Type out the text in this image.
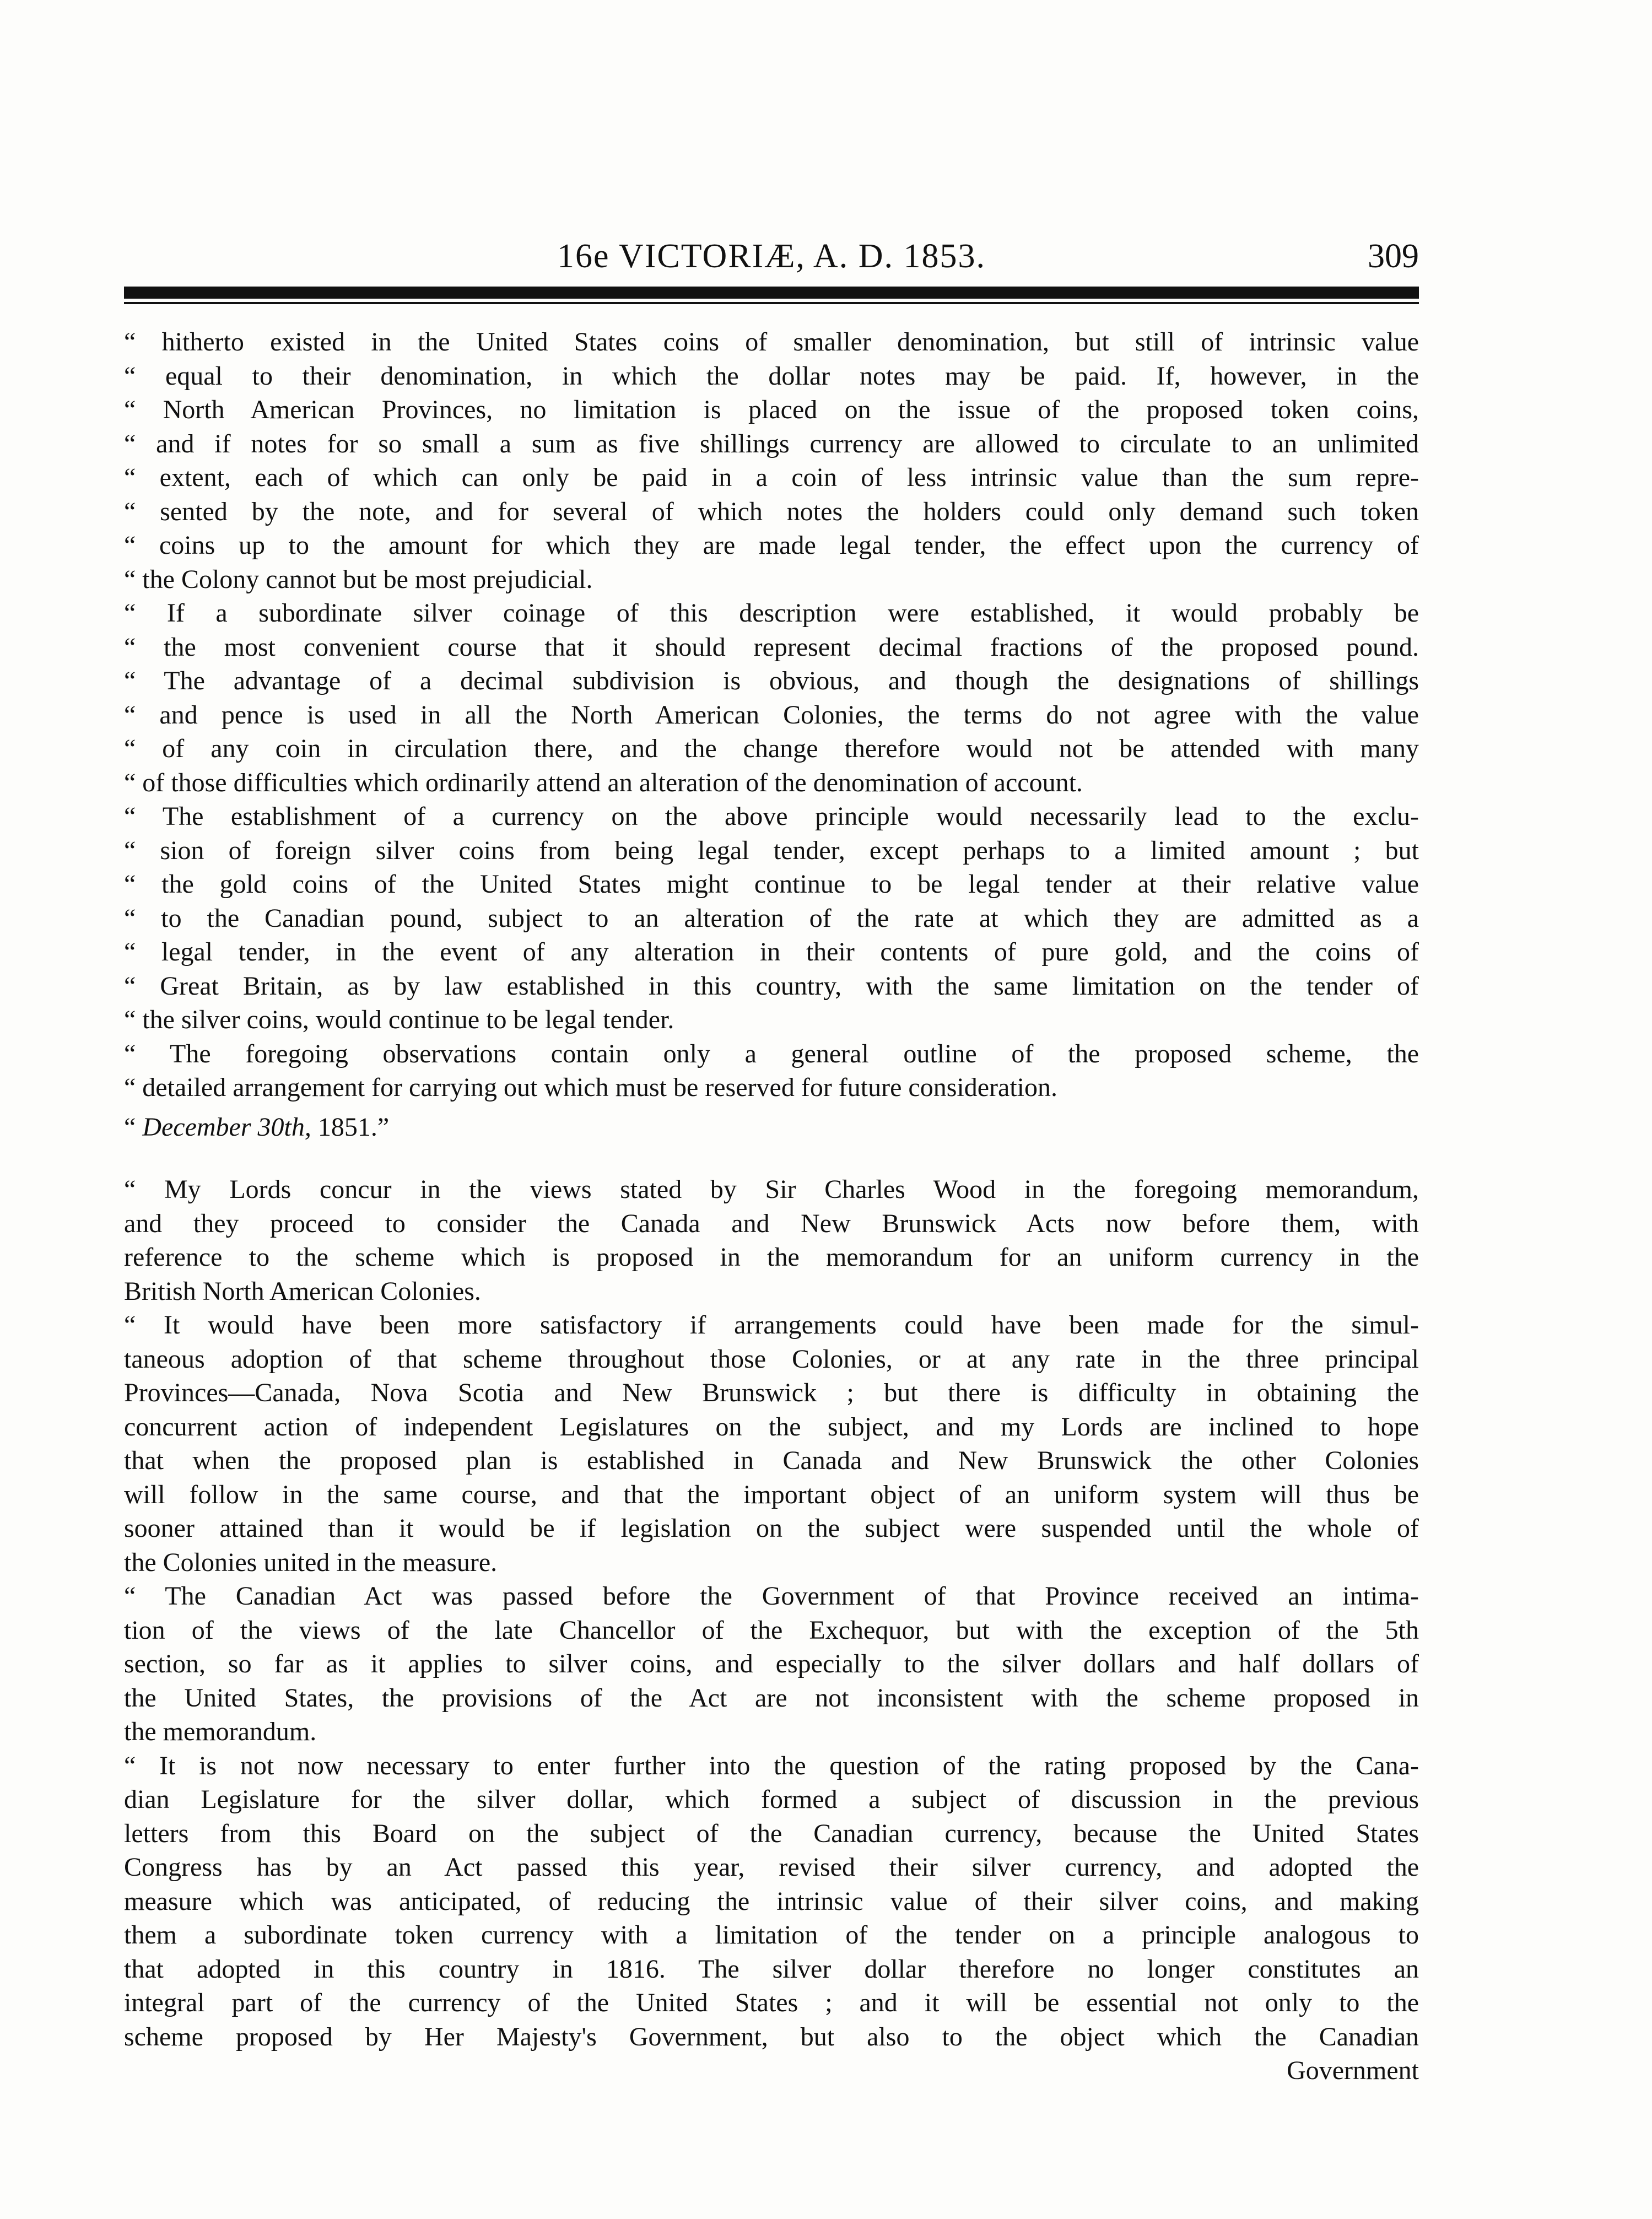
16e VICTORIÆ, A. D. 1853.	309
“ hitherto existed in the United States coins of smaller denomination, but still of intrinsic value
“ equal to their denomination, in which the dollar notes may be paid. If, however, in the
“ North American Provinces, no limitation is placed on the issue of the proposed token coins,
“ and if notes for so small a sum as five shillings currency are allowed to circulate to an unlimited
“ extent, each of which can only be paid in a coin of less intrinsic value than the sum repre-
“ sented by the note, and for several of which notes the holders could only demand such token
“ coins up to the amount for which they are made legal tender, the effect upon the currency of
“ the Colony cannot but be most prejudicial.
“ If a subordinate silver coinage of this description were established, it would probably be
“ the most convenient course that it should represent decimal fractions of the proposed pound.
“ The advantage of a decimal subdivision is obvious, and though the designations of shillings
“ and pence is used in all the North American Colonies, the terms do not agree with the value
“ of any coin in circulation there, and the change therefore would not be attended with many
“ of those difficulties which ordinarily attend an alteration of the denomination of account.
“ The establishment of a currency on the above principle would necessarily lead to the exclu-
“ sion of foreign silver coins from being legal tender, except perhaps to a limited amount ; but
“ the gold coins of the United States might continue to be legal tender at their relative value
“ to the Canadian pound, subject to an alteration of the rate at which they are admitted as a
“ legal tender, in the event of any alteration in their contents of pure gold, and the coins of
“ Great Britain, as by law established in this country, with the same limitation on the tender of
“ the silver coins, would continue to be legal tender.
“ The foregoing observations contain only a general outline of the proposed scheme, the
“ detailed arrangement for carrying out which must be reserved for future consideration.
“ December 30th, 1851.”
“ My Lords concur in the views stated by Sir Charles Wood in the foregoing memorandum,
and they proceed to consider the Canada and New Brunswick Acts now before them, with
reference to the scheme which is proposed in the memorandum for an uniform currency in the
British North American Colonies.
“ It would have been more satisfactory if arrangements could have been made for the simul-
taneous adoption of that scheme throughout those Colonies, or at any rate in the three principal
Provinces—Canada, Nova Scotia and New Brunswick ; but there is difficulty in obtaining the
concurrent action of independent Legislatures on the subject, and my Lords are inclined to hope
that when the proposed plan is established in Canada and New Brunswick the other Colonies
will follow in the same course, and that the important object of an uniform system will thus be
sooner attained than it would be if legislation on the subject were suspended until the whole of
the Colonies united in the measure.
“ The Canadian Act was passed before the Government of that Province received an intima-
tion of the views of the late Chancellor of the Exchequor, but with the exception of the 5th
section, so far as it applies to silver coins, and especially to the silver dollars and half dollars of
the United States, the provisions of the Act are not inconsistent with the scheme proposed in
the memorandum.
“ It is not now necessary to enter further into the question of the rating proposed by the Cana-
dian Legislature for the silver dollar, which formed a subject of discussion in the previous
letters from this Board on the subject of the Canadian currency, because the United States
Congress has by an Act passed this year, revised their silver currency, and adopted the
measure which was anticipated, of reducing the intrinsic value of their silver coins, and making
them a subordinate token currency with a limitation of the tender on a principle analogous to
that adopted in this country in 1816. The silver dollar therefore no longer constitutes an
integral part of the currency of the United States ; and it will be essential not only to the
scheme proposed by Her Majesty's Government, but also to the object which the Canadian
Government
